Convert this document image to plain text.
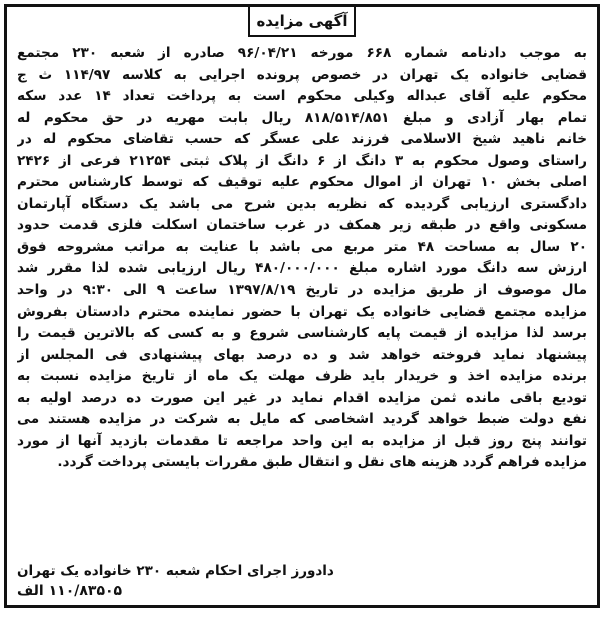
آگهی مزایده
به موجب دادنامه شماره ۶۶۸ مورخه ۹۶/۰۴/۲۱ صادره از شعبه ۲۳۰ مجتمع
قضایی خانواده یک تهران در خصوص پرونده اجرایی به کلاسه ۱۱۴/۹۷ ث ج
محکوم علیه آقای عبداله وکیلی محکوم است به پرداخت تعداد ۱۴ عدد سکه
تمام بهار آزادی و مبلغ ۸۱۸/۵۱۴/۸۵۱ ریال بابت مهریه در حق محکوم له
خانم ناهید شیخ الاسلامی فرزند علی عسگر که حسب تقاضای محکوم له در
راستای وصول محکوم به ۳ دانگ از ۶ دانگ از پلاک ثبتی ۲۱۲۵۴ فرعی از ۲۴۲۶
اصلی بخش ۱۰ تهران از اموال محکوم علیه توقیف که توسط کارشناس محترم
دادگستری ارزیابی گردیده که نظریه بدین شرح می باشد یک دستگاه آپارتمان
مسکونی واقع در طبقه زیر همکف در غرب ساختمان اسکلت فلزی قدمت حدود
۲۰ سال به مساحت ۴۸ متر مربع می باشد با عنایت به مراتب مشروحه فوق
ارزش سه دانگ مورد اشاره مبلغ ۴۸۰/۰۰۰/۰۰۰ ریال ارزیابی شده لذا مقرر شد
مال موصوف از طریق مزایده در تاریخ ۱۳۹۷/۸/۱۹ ساعت ۹ الی ۹:۳۰ در واحد
مزایده مجتمع قضایی خانواده یک تهران با حضور نماینده محترم دادستان بفروش
برسد لذا مزایده از قیمت پایه کارشناسی شروع و به کسی که بالاترین قیمت را
پیشنهاد نماید فروخته خواهد شد و ده درصد بهای پیشنهادی فی المجلس از
برنده مزایده اخذ و خریدار باید ظرف مهلت یک ماه از تاریخ مزایده نسبت به
تودیع باقی مانده ثمن مزایده اقدام نماید در غیر این صورت ده درصد اولیه به
نفع دولت ضبط خواهد گردید اشخاصی که مایل به شرکت در مزایده هستند می
توانند پنج روز قبل از مزایده به این واحد مراجعه تا مقدمات بازدید آنها از مورد
مزایده فراهم گردد هزینه های نقل و انتقال طبق مقررات بایستی پرداخت گردد.
دادورز اجرای احکام شعبه ۲۳۰ خانواده یک تهران
۱۱۰/۸۳۵۰۵ الف
